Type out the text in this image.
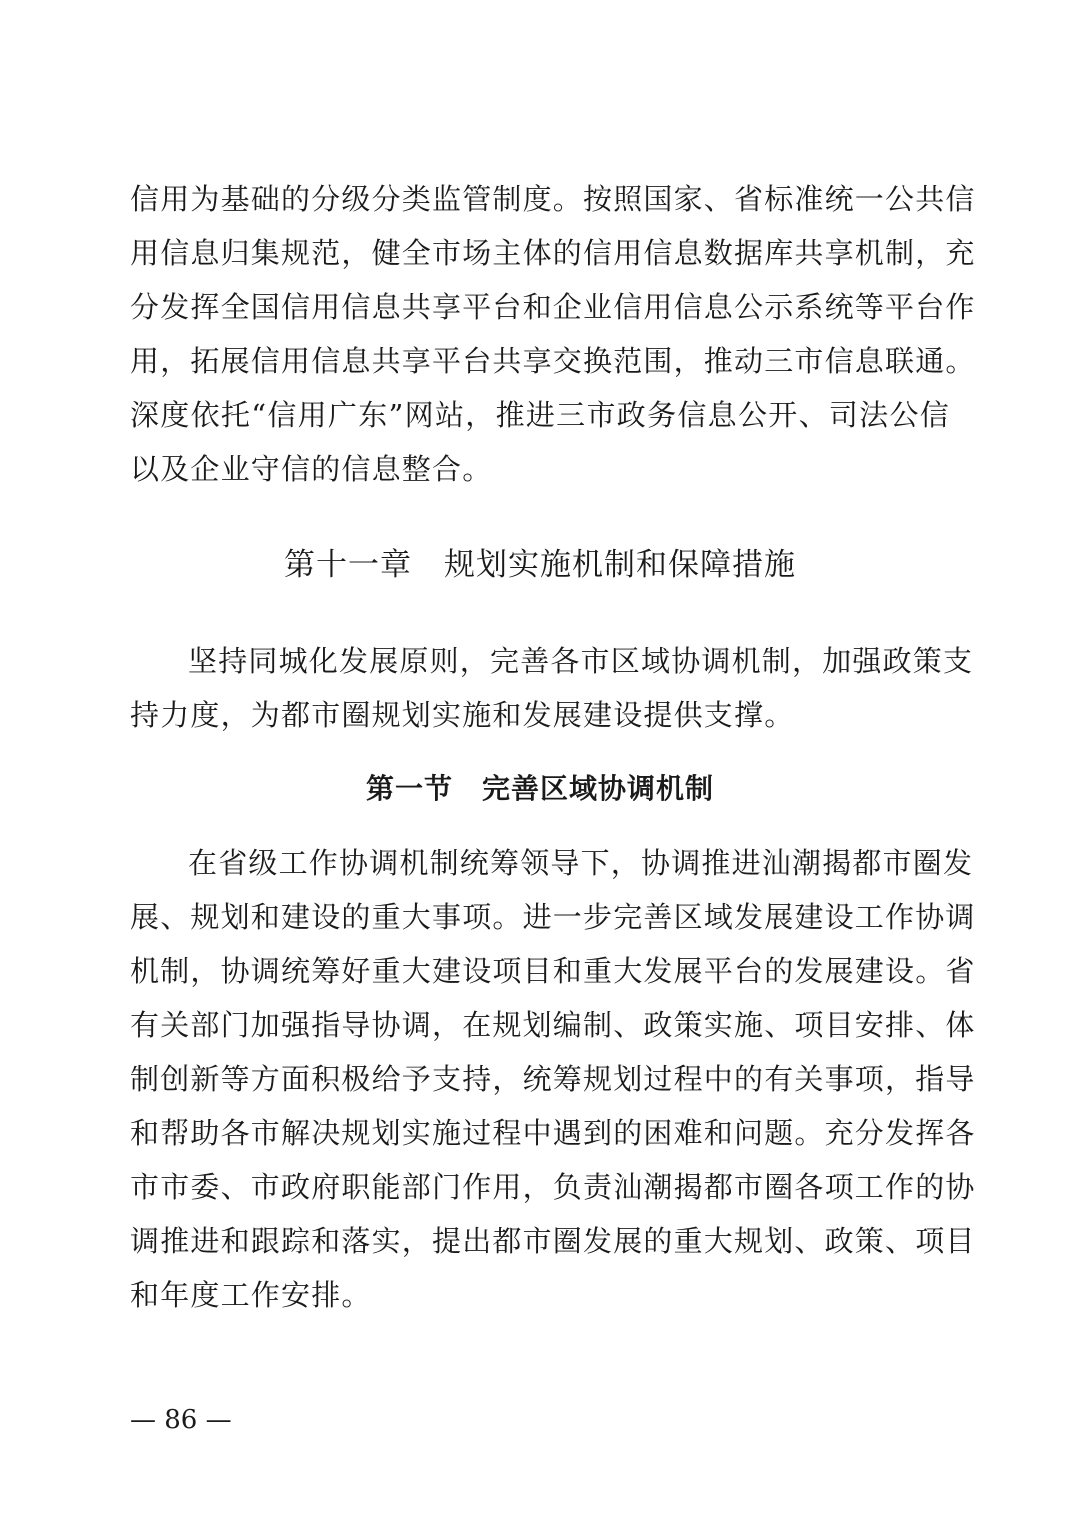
信用为基础的分级分类监管制度。按照国家、省标准统一公共信
用信息归集规范，健全市场主体的信用信息数据库共享机制，充
分发挥全国信用信息共享平台和企业信用信息公示系统等平台作
用，拓展信用信息共享平台共享交换范围，推动三市信息联通。
深度依托“信用广东”网站，推进三市政务信息公开、司法公信
以及企业守信的信息整合。
第十一章　规划实施机制和保障措施
坚持同城化发展原则，完善各市区域协调机制，加强政策支
持力度，为都市圈规划实施和发展建设提供支撑。
第一节　完善区域协调机制
在省级工作协调机制统筹领导下，协调推进汕潮揭都市圈发
展、规划和建设的重大事项。进一步完善区域发展建设工作协调
机制，协调统筹好重大建设项目和重大发展平台的发展建设。省
有关部门加强指导协调，在规划编制、政策实施、项目安排、体
制创新等方面积极给予支持，统筹规划过程中的有关事项，指导
和帮助各市解决规划实施过程中遇到的困难和问题。充分发挥各
市市委、市政府职能部门作用，负责汕潮揭都市圈各项工作的协
调推进和跟踪和落实，提出都市圈发展的重大规划、政策、项目
和年度工作安排。
— 86 —
